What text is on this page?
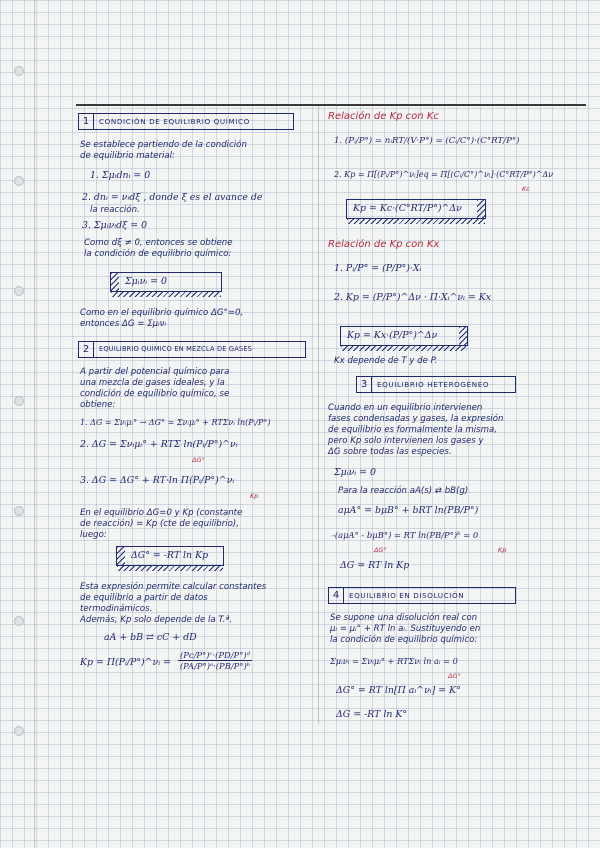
1	CONDICIÓN DE EQUILIBRIO QUÍMICO
Se establece partiendo de la condición
de equilibrio material:
1. Σμᵢdnᵢ = 0
2. dnᵢ = νᵢdξ , donde ξ es el avance de
la reacción.
3. Σμᵢνᵢdξ = 0
Como dξ ≠ 0, entonces se obtiene
la condición de equilibrio químico:
Σμᵢνᵢ = 0
Como en el equilibrio químico ΔG°=0,
entonces ΔG = Σμᵢνᵢ
2	EQUILIBRIO QUÍMICO EN MEZCLA DE GASES
A partir del potencial químico para
una mezcla de gases ideales, y la
condición de equilibrio químico, se
obtiene:
1. ΔG = Σνᵢμᵢ° → ΔG° = Σνᵢμᵢ° + RTΣνᵢ ln(Pᵢ/P°)
2. ΔG = Σνᵢμᵢ° + RTΣ ln(Pᵢ/P°)^νᵢ
ΔG°
3. ΔG = ΔG° + RT·ln Π(Pᵢ/P°)^νᵢ
Kp
En el equilibrio ΔG=0 y Kp (constante
de reacción) = Kp (cte de equilibrio),
luego:
ΔG° = -RT ln Kp
Esta expresión permite calcular constantes
de equilibrio a partir de datos
termodinámicos.
Además, Kp solo depende de la T.ª.
aA + bB ⇄ cC + dD
Kp = Π(Pᵢ/P°)^νᵢ = $\frac{\text{(Pc/P°)ᶜ·(PD/P°)ᵈ}}{\text{(PA/P°)ᵃ·(PB/P°)ᵇ}}$
Relación de Kp con Kc
1. (Pᵢ/P°) = nᵢRT/(V·P°) = (Cᵢ/C°)·(C°RT/P°)
2. Kp = Π[(Pᵢ/P°)^νᵢ]eq = Π[(Cᵢ/C°)^νᵢ]·(C°RT/P°)^Δν
Kc
Kp = Kc·(C°RT/P°)^Δν
Relación de Kp con Kx
1. Pᵢ/P° = (P/P°)·Xᵢ
2. Kp = (P/P°)^Δν · Π·Xᵢ^νᵢ = Kx
Kp = Kx·(P/P°)^Δν
Kx depende de T y de P.
3	EQUILIBRIO HETEROGÉNEO
Cuando en un equilibrio intervienen
fases condensadas y gases, la expresión
de equilibrio es formalmente la misma,
pero Kp solo intervienen los gases y
ΔG sobre todas las especies.
Σμᵢνᵢ = 0
Para la reacción aA(s) ⇄ bB(g)
aμA° = bμB° + bRT ln(PB/P°)
-(aμA° - bμB°) = RT ln(PB/P°)ᵇ = 0
ΔG°	Kp
ΔG = RT ln Kp
4	EQUILIBRIO EN DISOLUCIÓN
Se supone una disolución real con
μᵢ = μᵢ° + RT ln aᵢ. Sustituyendo en
la condición de equilibrio químico:
Σμᵢνᵢ = Σνᵢμᵢ° + RTΣνᵢ ln aᵢ = 0
ΔG°
ΔG° = RT ln[Π aᵢ^νᵢ] = K°
ΔG = -RT ln K°
